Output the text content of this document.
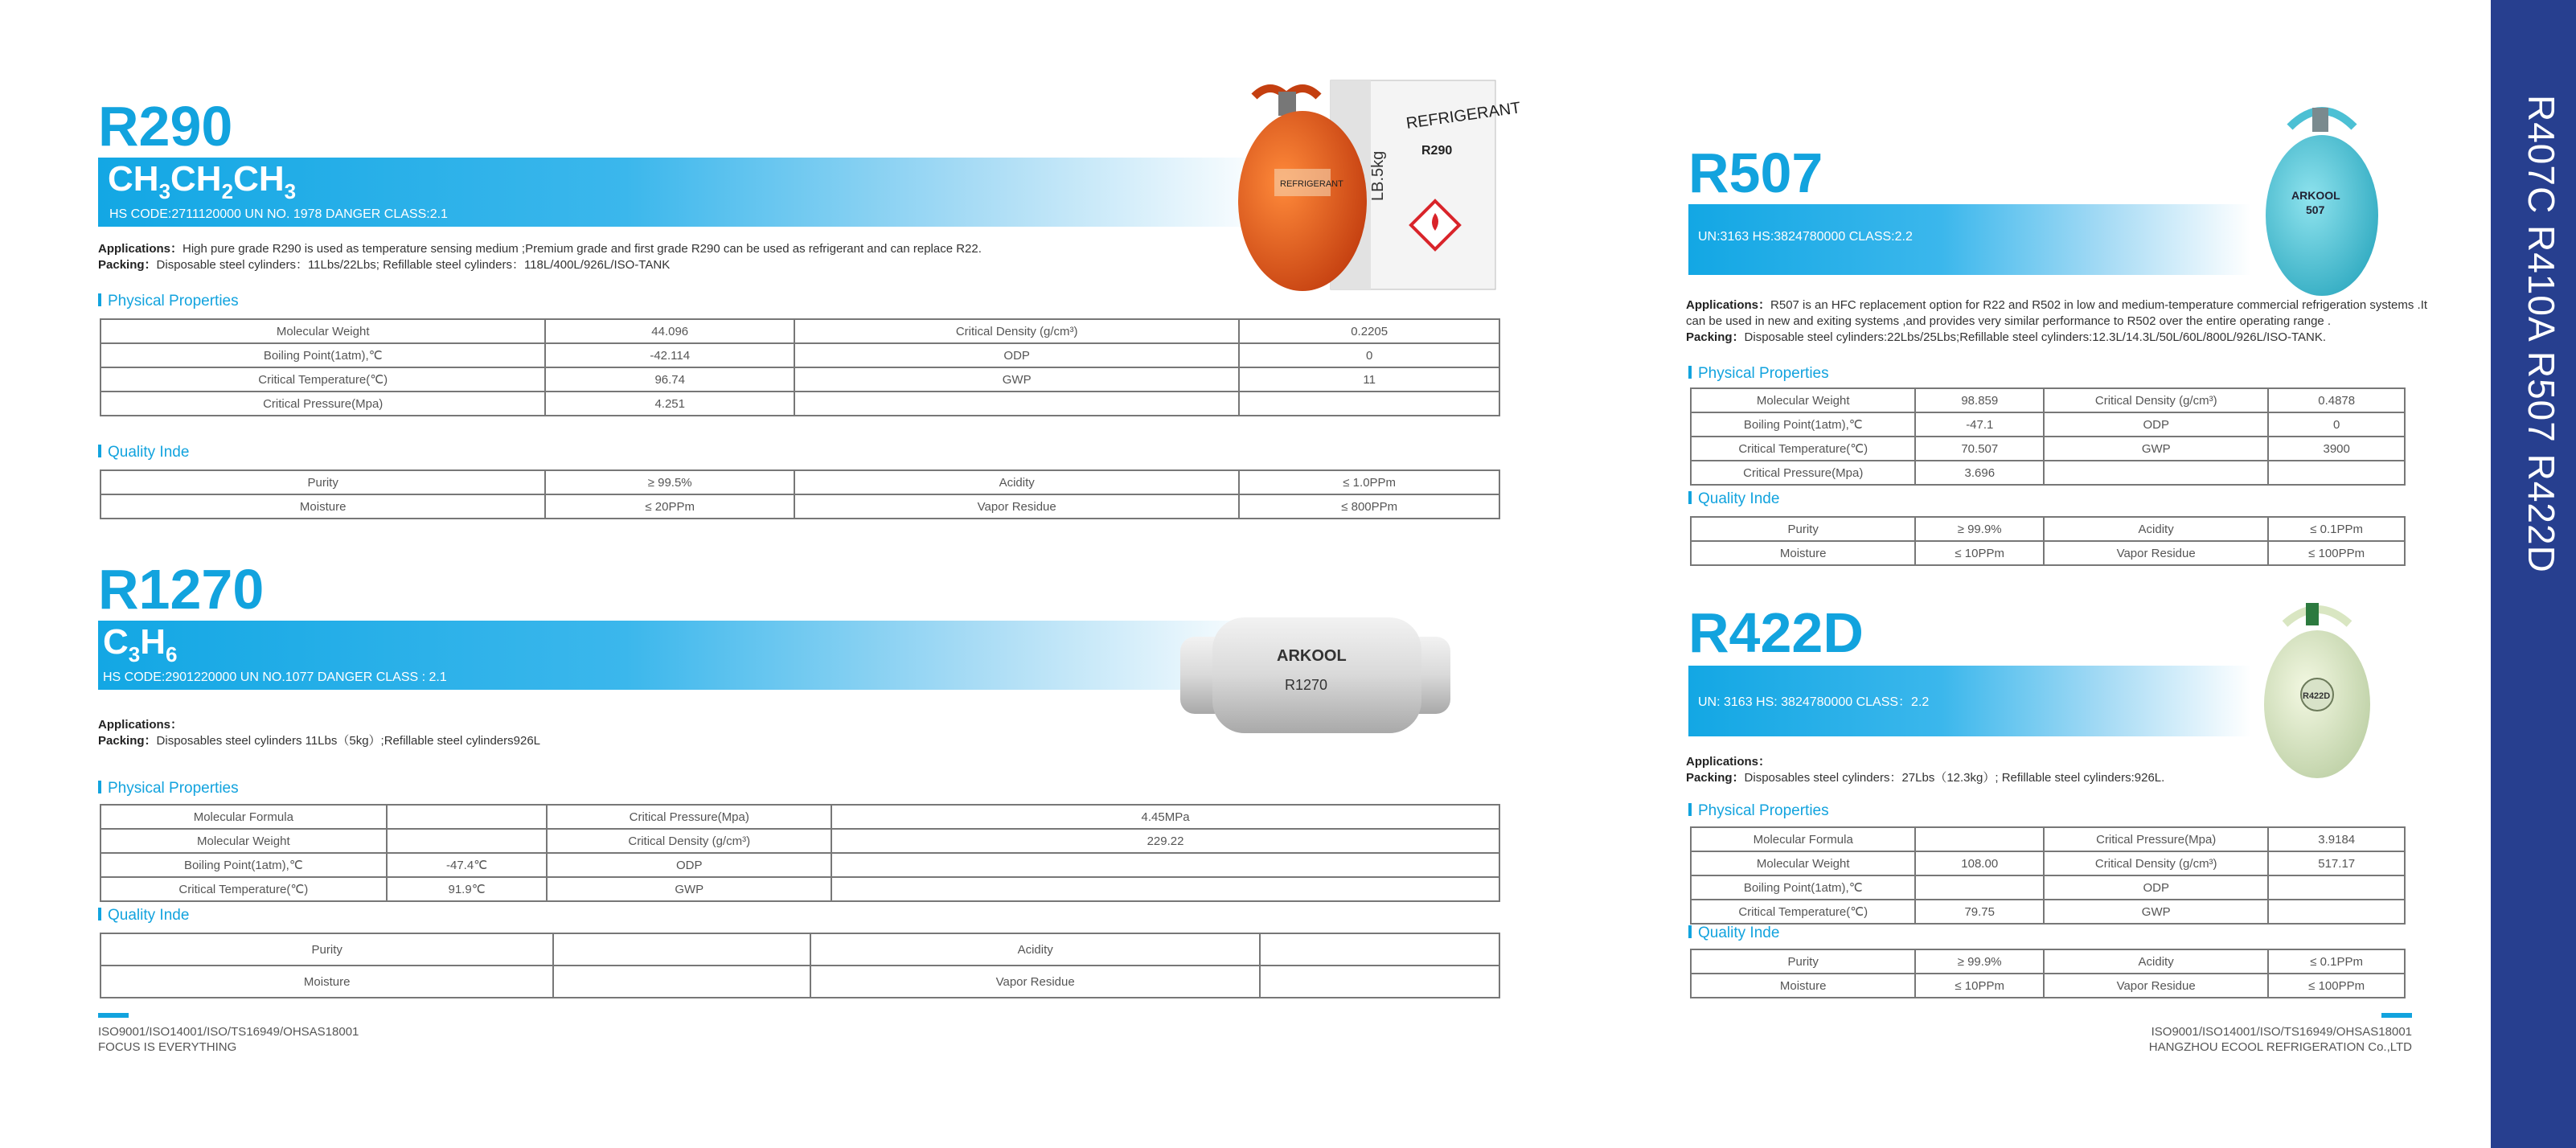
R290
$CH_3CH_2CH_3$
HS CODE:2711120000 UN NO. 1978 DANGER CLASS:2.1
Applications：High pure grade R290 is used as temperature sensing medium ;Premium grade and first grade R290 can be used as refrigerant and can replace R22.
Packing：Disposable steel cylinders：11Lbs/22Lbs; Refillable steel cylinders：118L/400L/926L/ISO-TANK
REFRIGERANT
R290
LB.5kg
REFRIGERANT
Physical Properties
Molecular Weight	44.096	Critical Density (g/cm³)	0.2205
Boiling Point(1atm),℃	-42.114	ODP	0
Critical Temperature(℃)	96.74	GWP	11
Critical Pressure(Mpa)	4.251		
Quality Inde
Purity	≥ 99.5%	Acidity	≤ 1.0PPm
Moisture	≤ 20PPm	Vapor Residue	≤ 800PPm
R1270
$C_3H_6$
HS CODE:2901220000 UN NO.1077 DANGER CLASS : 2.1
ARKOOL
R1270
Applications：
Packing：Disposables steel cylinders 11Lbs（5kg）;Refillable steel cylinders926L
Physical Properties
Molecular Formula		Critical Pressure(Mpa)	4.45MPa
Molecular Weight		Critical Density (g/cm³)	229.22
Boiling Point(1atm),℃	-47.4℃	ODP	
Critical Temperature(℃)	91.9℃	GWP	
Quality Inde
Purity		Acidity	
Moisture		Vapor Residue	
ISO9001/ISO14001/ISO/TS16949/OHSAS18001
FOCUS IS EVERYTHING
R507
UN:3163 HS:3824780000 CLASS:2.2
ARKOOL
507
Applications：R507 is an HFC replacement option for R22 and R502 in low and medium-temperature commercial refrigeration systems .It can be used in new and exiting systems ,and provides very similar performance to R502 over the entire operating range .
Packing：Disposable steel cylinders:22Lbs/25Lbs;Refillable steel cylinders:12.3L/14.3L/50L/60L/800L/926L/ISO-TANK.
Physical Properties
Molecular Weight	98.859	Critical Density (g/cm³)	0.4878
Boiling Point(1atm),℃	-47.1	ODP	0
Critical Temperature(℃)	70.507	GWP	3900
Critical Pressure(Mpa)	3.696		
Quality Inde
Purity	≥ 99.9%	Acidity	≤ 0.1PPm
Moisture	≤ 10PPm	Vapor Residue	≤ 100PPm
R422D
UN: 3163 HS: 3824780000 CLASS：2.2	R422D
Applications：
Packing：Disposables steel cylinders：27Lbs（12.3kg）; Refillable steel cylinders:926L.
Physical Properties
Molecular Formula		Critical Pressure(Mpa)	3.9184
Molecular Weight	108.00	Critical Density (g/cm³)	517.17
Boiling Point(1atm),℃		ODP	
Critical Temperature(℃)	79.75	GWP	
Quality Inde
Purity	≥ 99.9%	Acidity	≤ 0.1PPm
Moisture	≤ 10PPm	Vapor Residue	≤ 100PPm
ISO9001/ISO14001/ISO/TS16949/OHSAS18001
HANGZHOU ECOOL REFRIGERATION Co.,LTD
R407C R410A R507 R422D
